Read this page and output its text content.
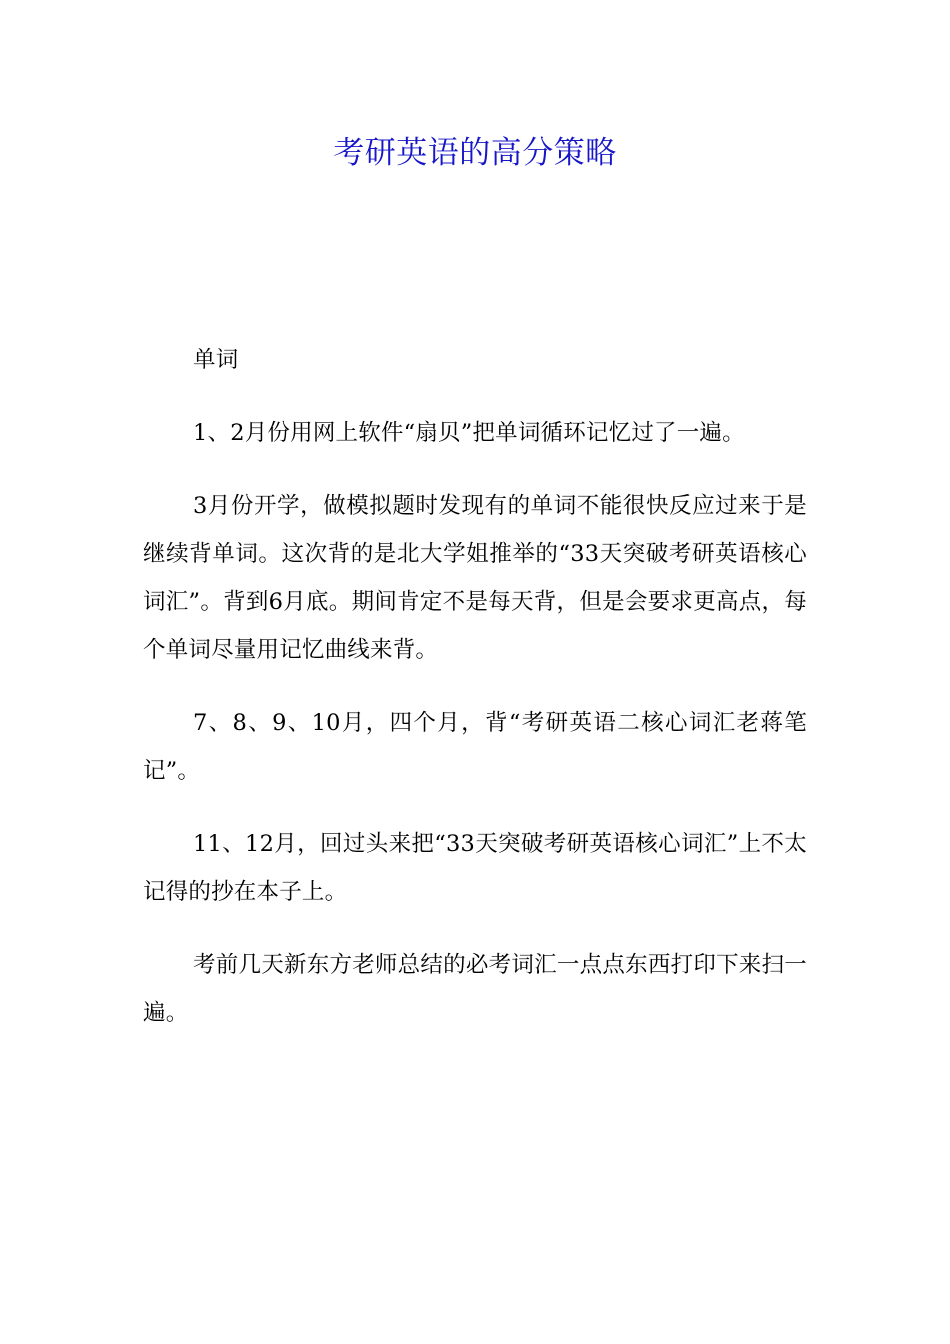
考研英语的高分策略

单词

1、2月份用网上软件“扇贝”把单词循环记忆过了一遍。

3月份开学，做模拟题时发现有的单词不能很快反应过来于是继续背单词。这次背的是北大学姐推举的“33天突破考研英语核心词汇”。背到6月底。期间肯定不是每天背，但是会要求更高点，每个单词尽量用记忆曲线来背。

7、8、9、10月，四个月，背“考研英语二核心词汇老蒋笔记”。

11、12月，回过头来把“33天突破考研英语核心词汇”上不太记得的抄在本子上。

考前几天新东方老师总结的必考词汇一点点东西打印下来扫一遍。
